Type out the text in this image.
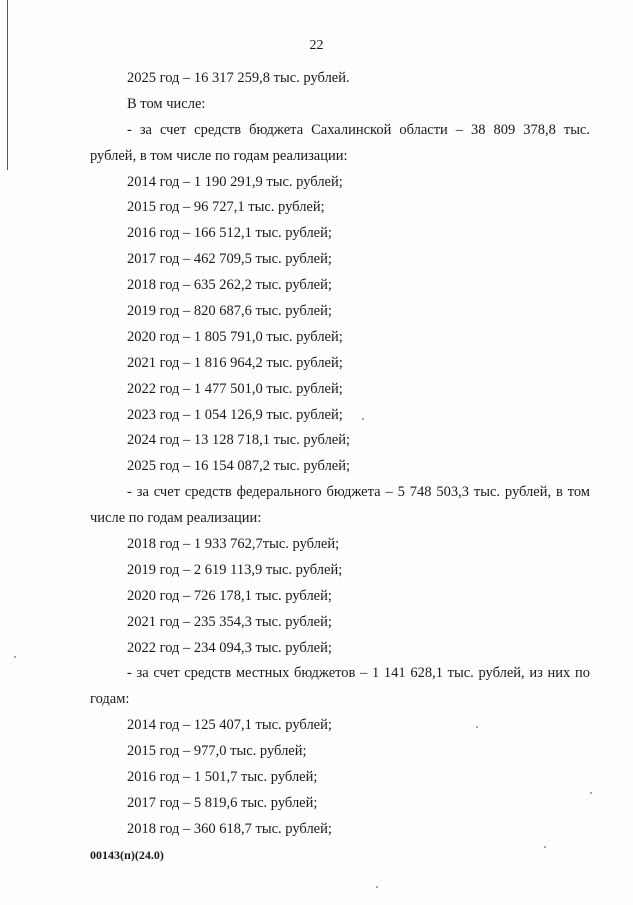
22
2025 год – 16 317 259,8 тыс. рублей.
В том числе:
- за счет средств бюджета Сахалинской области – 38 809 378,8 тыс.
рублей, в том числе по годам реализации:
2014 год – 1 190 291,9 тыс. рублей;
2015 год – 96 727,1 тыс. рублей;
2016 год – 166 512,1 тыс. рублей;
2017 год – 462 709,5 тыс. рублей;
2018 год – 635 262,2 тыс. рублей;
2019 год – 820 687,6 тыс. рублей;
2020 год – 1 805 791,0 тыс. рублей;
2021 год – 1 816 964,2 тыс. рублей;
2022 год – 1 477 501,0 тыс. рублей;
2023 год – 1 054 126,9 тыс. рублей;
2024 год – 13 128 718,1 тыс. рублей;
2025 год – 16 154 087,2 тыс. рублей;
- за счет средств федерального бюджета – 5 748 503,3 тыс. рублей, в том
числе по годам реализации:
2018 год – 1 933 762,7тыс. рублей;
2019 год – 2 619 113,9 тыс. рублей;
2020 год – 726 178,1 тыс. рублей;
2021 год – 235 354,3 тыс. рублей;
2022 год – 234 094,3 тыс. рублей;
- за счет средств местных бюджетов – 1 141 628,1 тыс. рублей, из них по
годам:
2014 год – 125 407,1 тыс. рублей;
2015 год – 977,0 тыс. рублей;
2016 год – 1 501,7 тыс. рублей;
2017 год – 5 819,6 тыс. рублей;
2018 год – 360 618,7 тыс. рублей;
00143(п)(24.0)
